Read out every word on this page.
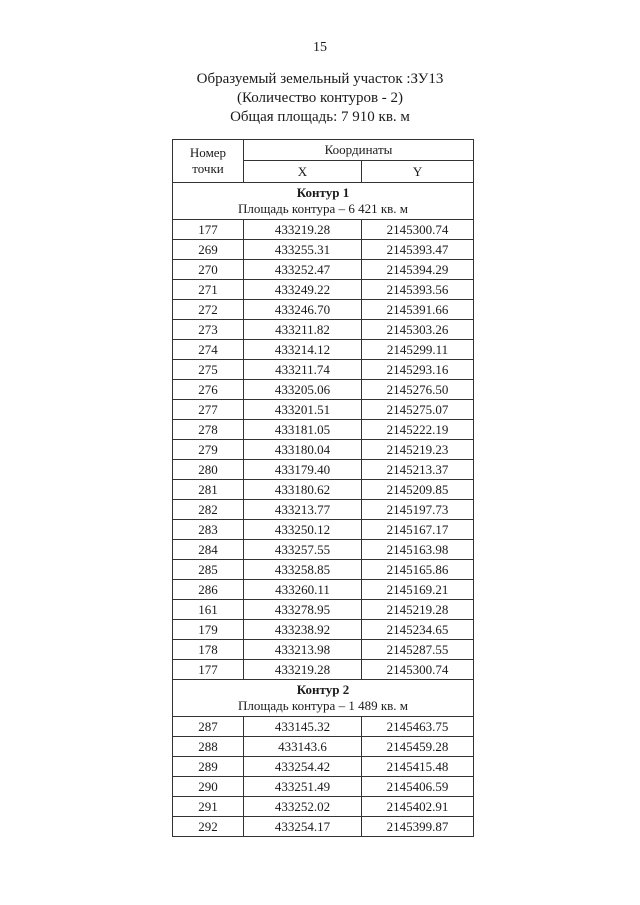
15
Образуемый земельный участок :ЗУ13
(Количество контуров - 2)
Общая площадь: 7 910 кв. м
Номер
точки	Координаты	
	X	Y

Контур 1
Площадь контура – 6 421 кв. м		

177	433219.28	2145300.74
269	433255.31	2145393.47
270	433252.47	2145394.29
271	433249.22	2145393.56
272	433246.70	2145391.66
273	433211.82	2145303.26
274	433214.12	2145299.11
275	433211.74	2145293.16
276	433205.06	2145276.50
277	433201.51	2145275.07
278	433181.05	2145222.19
279	433180.04	2145219.23
280	433179.40	2145213.37
281	433180.62	2145209.85
282	433213.77	2145197.73
283	433250.12	2145167.17
284	433257.55	2145163.98
285	433258.85	2145165.86
286	433260.11	2145169.21
161	433278.95	2145219.28
179	433238.92	2145234.65
178	433213.98	2145287.55
177	433219.28	2145300.74

Контур 2
Площадь контура – 1 489 кв. м		

287	433145.32	2145463.75
288	433143.6	2145459.28
289	433254.42	2145415.48
290	433251.49	2145406.59
291	433252.02	2145402.91
292	433254.17	2145399.87
